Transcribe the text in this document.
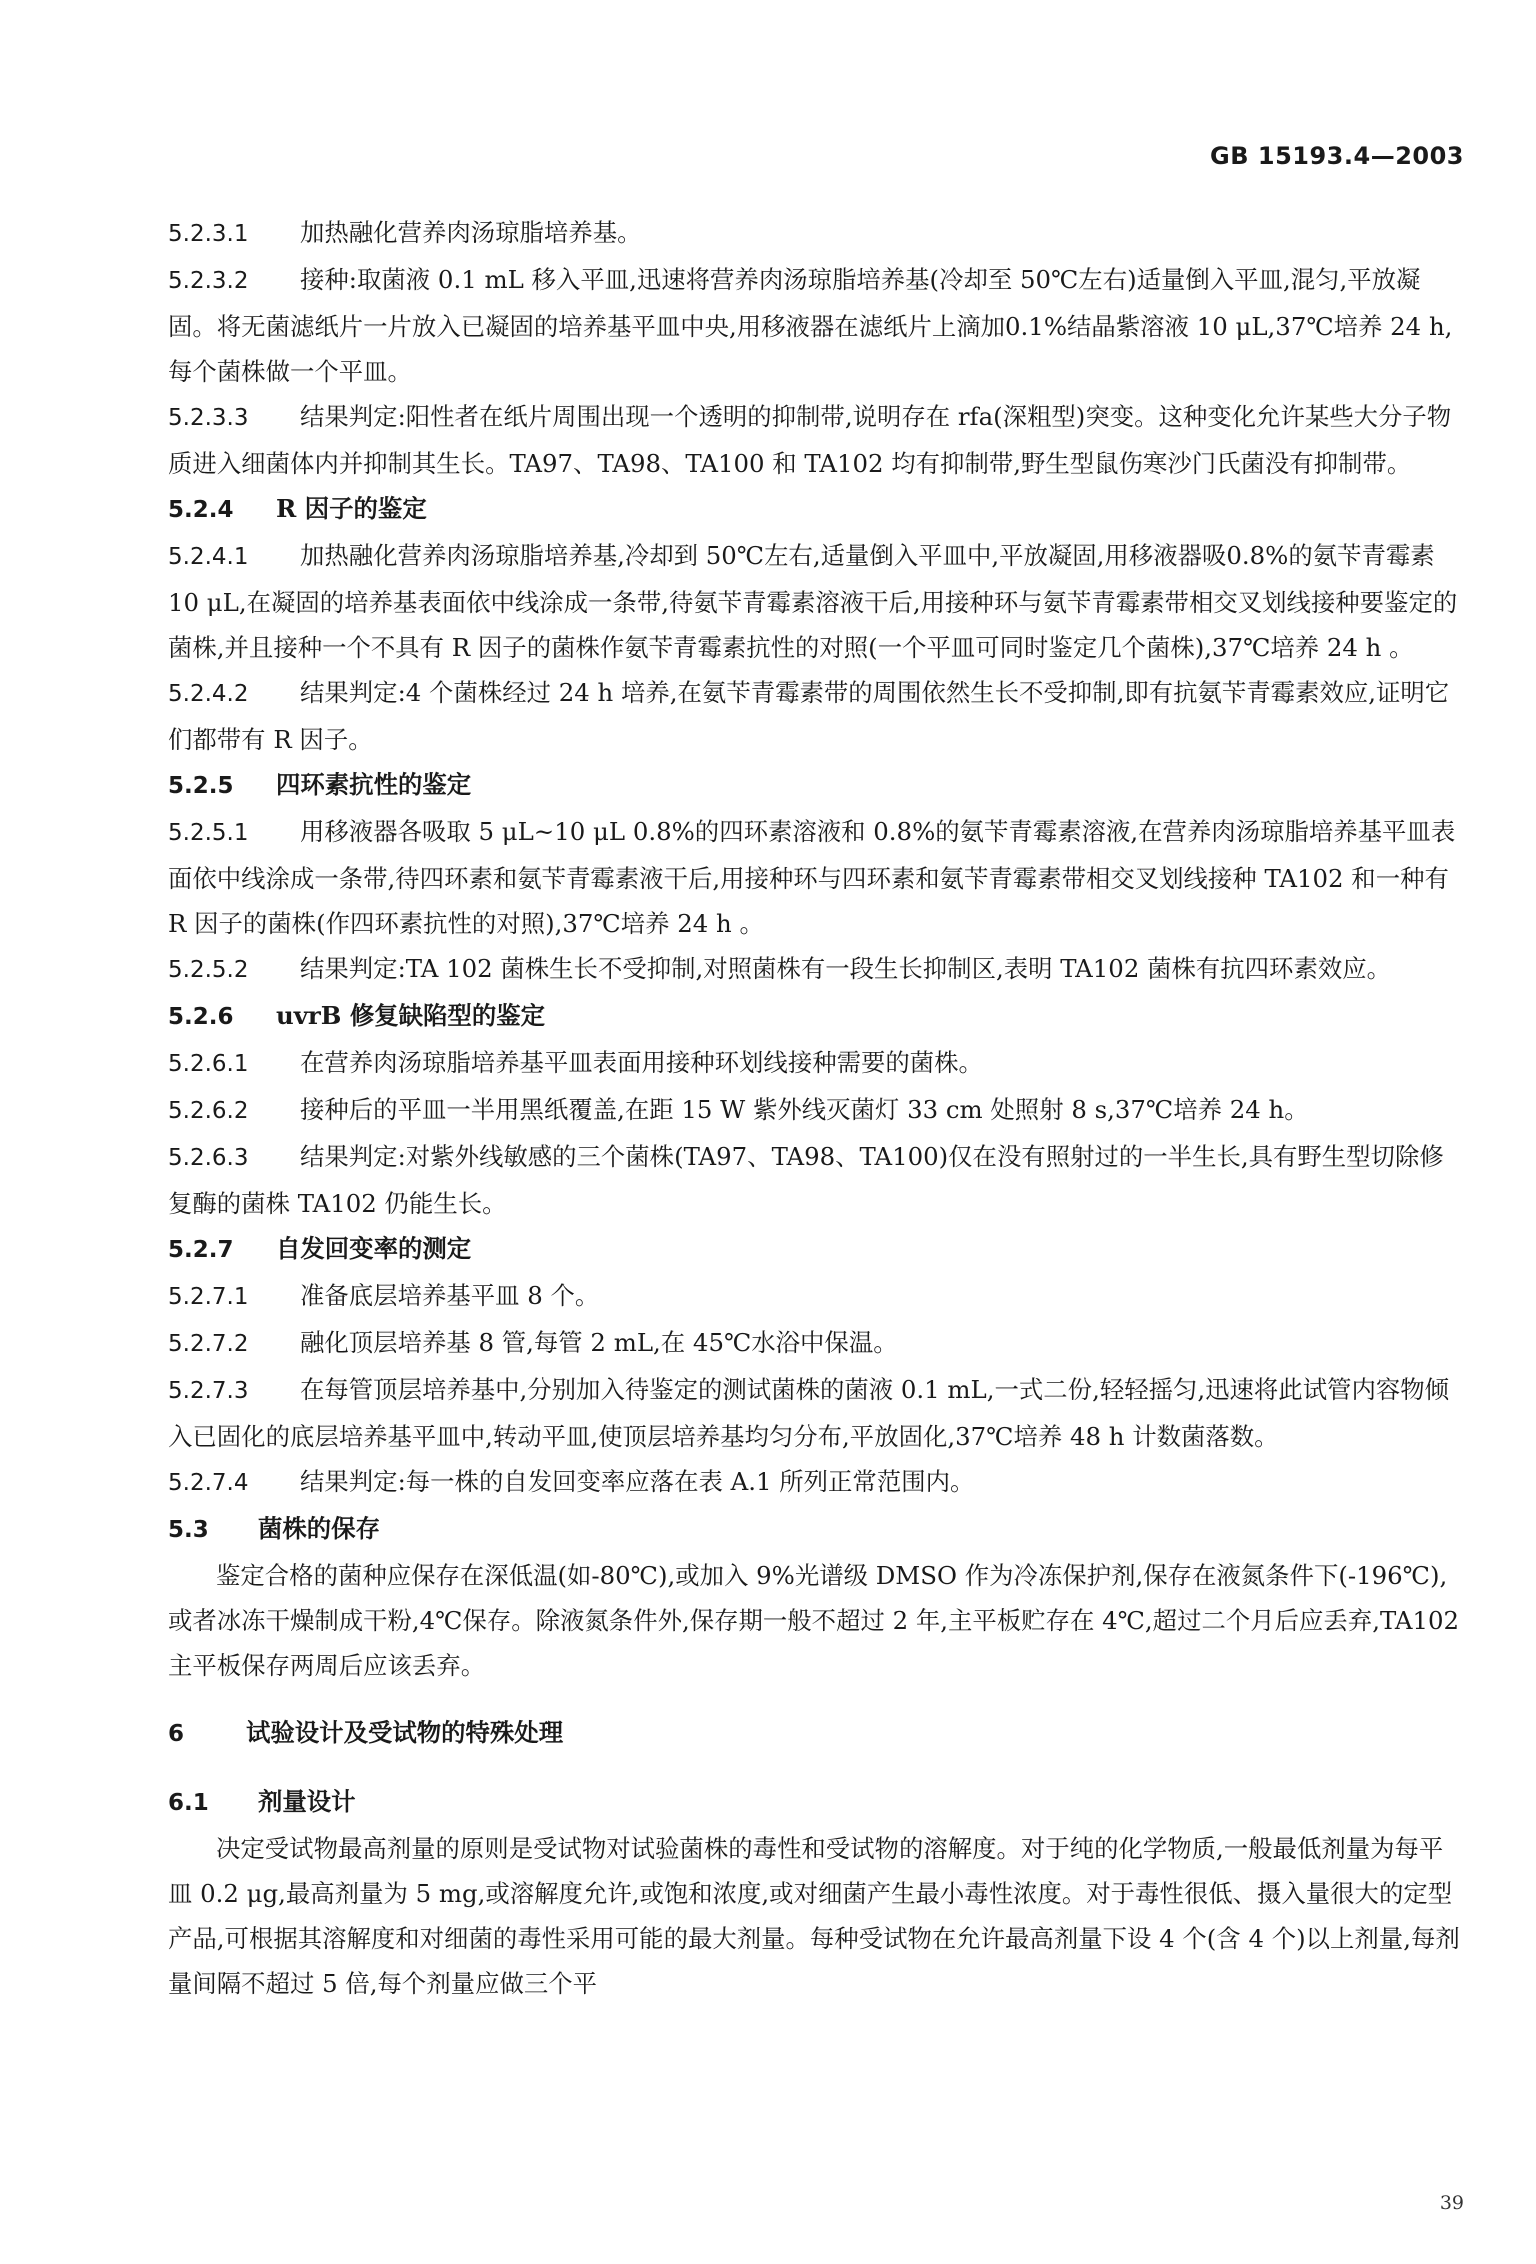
GB 15193.4—2003
5.2.3.1 加热融化营养肉汤琼脂培养基。
5.2.3.2 接种:取菌液 0.1 mL 移入平皿,迅速将营养肉汤琼脂培养基(冷却至 50℃左右)适量倒入平皿,混匀,平放凝固。将无菌滤纸片一片放入已凝固的培养基平皿中央,用移液器在滤纸片上滴加0.1%结晶紫溶液 10 μL,37℃培养 24 h,每个菌株做一个平皿。
5.2.3.3 结果判定:阳性者在纸片周围出现一个透明的抑制带,说明存在 rfa(深粗型)突变。这种变化允许某些大分子物质进入细菌体内并抑制其生长。TA97、TA98、TA100 和 TA102 均有抑制带,野生型鼠伤寒沙门氏菌没有抑制带。
5.2.4 R 因子的鉴定
5.2.4.1 加热融化营养肉汤琼脂培养基,冷却到 50℃左右,适量倒入平皿中,平放凝固,用移液器吸0.8%的氨苄青霉素 10 μL,在凝固的培养基表面依中线涂成一条带,待氨苄青霉素溶液干后,用接种环与氨苄青霉素带相交叉划线接种要鉴定的菌株,并且接种一个不具有 R 因子的菌株作氨苄青霉素抗性的对照(一个平皿可同时鉴定几个菌株),37℃培养 24 h 。
5.2.4.2 结果判定:4 个菌株经过 24 h 培养,在氨苄青霉素带的周围依然生长不受抑制,即有抗氨苄青霉素效应,证明它们都带有 R 因子。
5.2.5 四环素抗性的鉴定
5.2.5.1 用移液器各吸取 5 μL~10 μL 0.8%的四环素溶液和 0.8%的氨苄青霉素溶液,在营养肉汤琼脂培养基平皿表面依中线涂成一条带,待四环素和氨苄青霉素液干后,用接种环与四环素和氨苄青霉素带相交叉划线接种 TA102 和一种有 R 因子的菌株(作四环素抗性的对照),37℃培养 24 h 。
5.2.5.2 结果判定:TA 102 菌株生长不受抑制,对照菌株有一段生长抑制区,表明 TA102 菌株有抗四环素效应。
5.2.6 uvrB 修复缺陷型的鉴定
5.2.6.1 在营养肉汤琼脂培养基平皿表面用接种环划线接种需要的菌株。
5.2.6.2 接种后的平皿一半用黑纸覆盖,在距 15 W 紫外线灭菌灯 33 cm 处照射 8 s,37℃培养 24 h。
5.2.6.3 结果判定:对紫外线敏感的三个菌株(TA97、TA98、TA100)仅在没有照射过的一半生长,具有野生型切除修复酶的菌株 TA102 仍能生长。
5.2.7 自发回变率的测定
5.2.7.1 准备底层培养基平皿 8 个。
5.2.7.2 融化顶层培养基 8 管,每管 2 mL,在 45℃水浴中保温。
5.2.7.3 在每管顶层培养基中,分别加入待鉴定的测试菌株的菌液 0.1 mL,一式二份,轻轻摇匀,迅速将此试管内容物倾入已固化的底层培养基平皿中,转动平皿,使顶层培养基均匀分布,平放固化,37℃培养 48 h 计数菌落数。
5.2.7.4 结果判定:每一株的自发回变率应落在表 A.1 所列正常范围内。
5.3 菌株的保存
鉴定合格的菌种应保存在深低温(如-80℃),或加入 9%光谱级 DMSO 作为冷冻保护剂,保存在液氮条件下(-196℃),或者冰冻干燥制成干粉,4℃保存。除液氮条件外,保存期一般不超过 2 年,主平板贮存在 4℃,超过二个月后应丢弃,TA102 主平板保存两周后应该丢弃。
6	试验设计及受试物的特殊处理
6.1 剂量设计
决定受试物最高剂量的原则是受试物对试验菌株的毒性和受试物的溶解度。对于纯的化学物质,一般最低剂量为每平皿 0.2 μg,最高剂量为 5 mg,或溶解度允许,或饱和浓度,或对细菌产生最小毒性浓度。对于毒性很低、摄入量很大的定型产品,可根据其溶解度和对细菌的毒性采用可能的最大剂量。每种受试物在允许最高剂量下设 4 个(含 4 个)以上剂量,每剂量间隔不超过 5 倍,每个剂量应做三个平
39
